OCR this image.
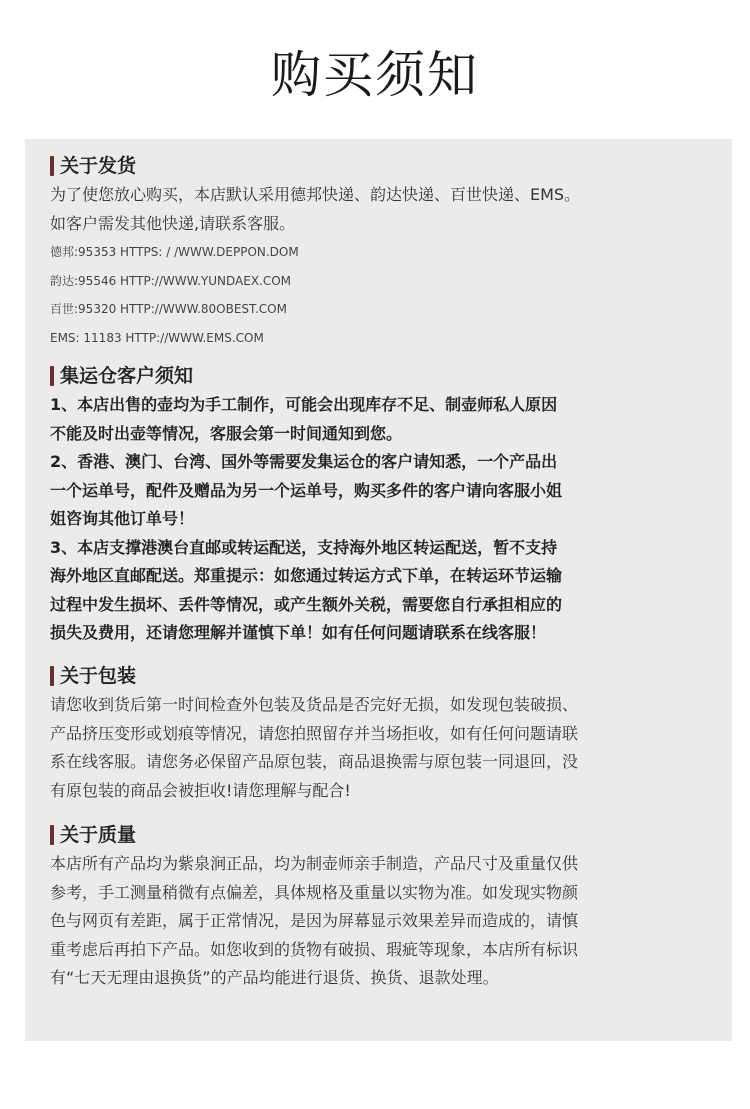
购买须知
关于发货
为了使您放心购买，本店默认采用德邦快递、韵达快递、百世快递、EMS。
如客户需发其他快递,请联系客服。
德邦:95353 HTTPS: / /WWW.DEPPON.DOM
韵达:95546 HTTP://WWW.YUNDAEX.COM
百世:95320 HTTP://WWW.80OBEST.COM
EMS: 11183 HTTP://WWW.EMS.COM
集运仓客户须知
1、本店出售的壶均为手工制作，可能会出现库存不足、制壶师私人原因
不能及时出壶等情况，客服会第一时间通知到您。
2、香港、澳门、台湾、国外等需要发集运仓的客户请知悉，一个产品出
一个运单号，配件及赠品为另一个运单号，购买多件的客户请向客服小姐
姐咨询其他订单号！
3、本店支撑港澳台直邮或转运配送，支持海外地区转运配送，暂不支持
海外地区直邮配送。郑重提示：如您通过转运方式下单，在转运环节运输
过程中发生损坏、丢件等情况，或产生额外关税，需要您自行承担相应的
损失及费用，还请您理解并谨慎下单！如有任何问题请联系在线客服！
关于包装
请您收到货后第一时间检查外包装及货品是否完好无损，如发现包装破损、
产品挤压变形或划痕等情况，请您拍照留存并当场拒收，如有任何问题请联
系在线客服。请您务必保留产品原包装，商品退换需与原包装一同退回，没
有原包装的商品会被拒收!请您理解与配合!
关于质量
本店所有产品均为紫泉涧正品，均为制壶师亲手制造，产品尺寸及重量仅供
参考，手工测量稍微有点偏差，具体规格及重量以实物为准。如发现实物颜
色与网页有差距，属于正常情况，是因为屏幕显示效果差异而造成的，请慎
重考虑后再拍下产品。如您收到的货物有破损、瑕疵等现象，本店所有标识
有“七天无理由退换货”的产品均能进行退货、换货、退款处理。
